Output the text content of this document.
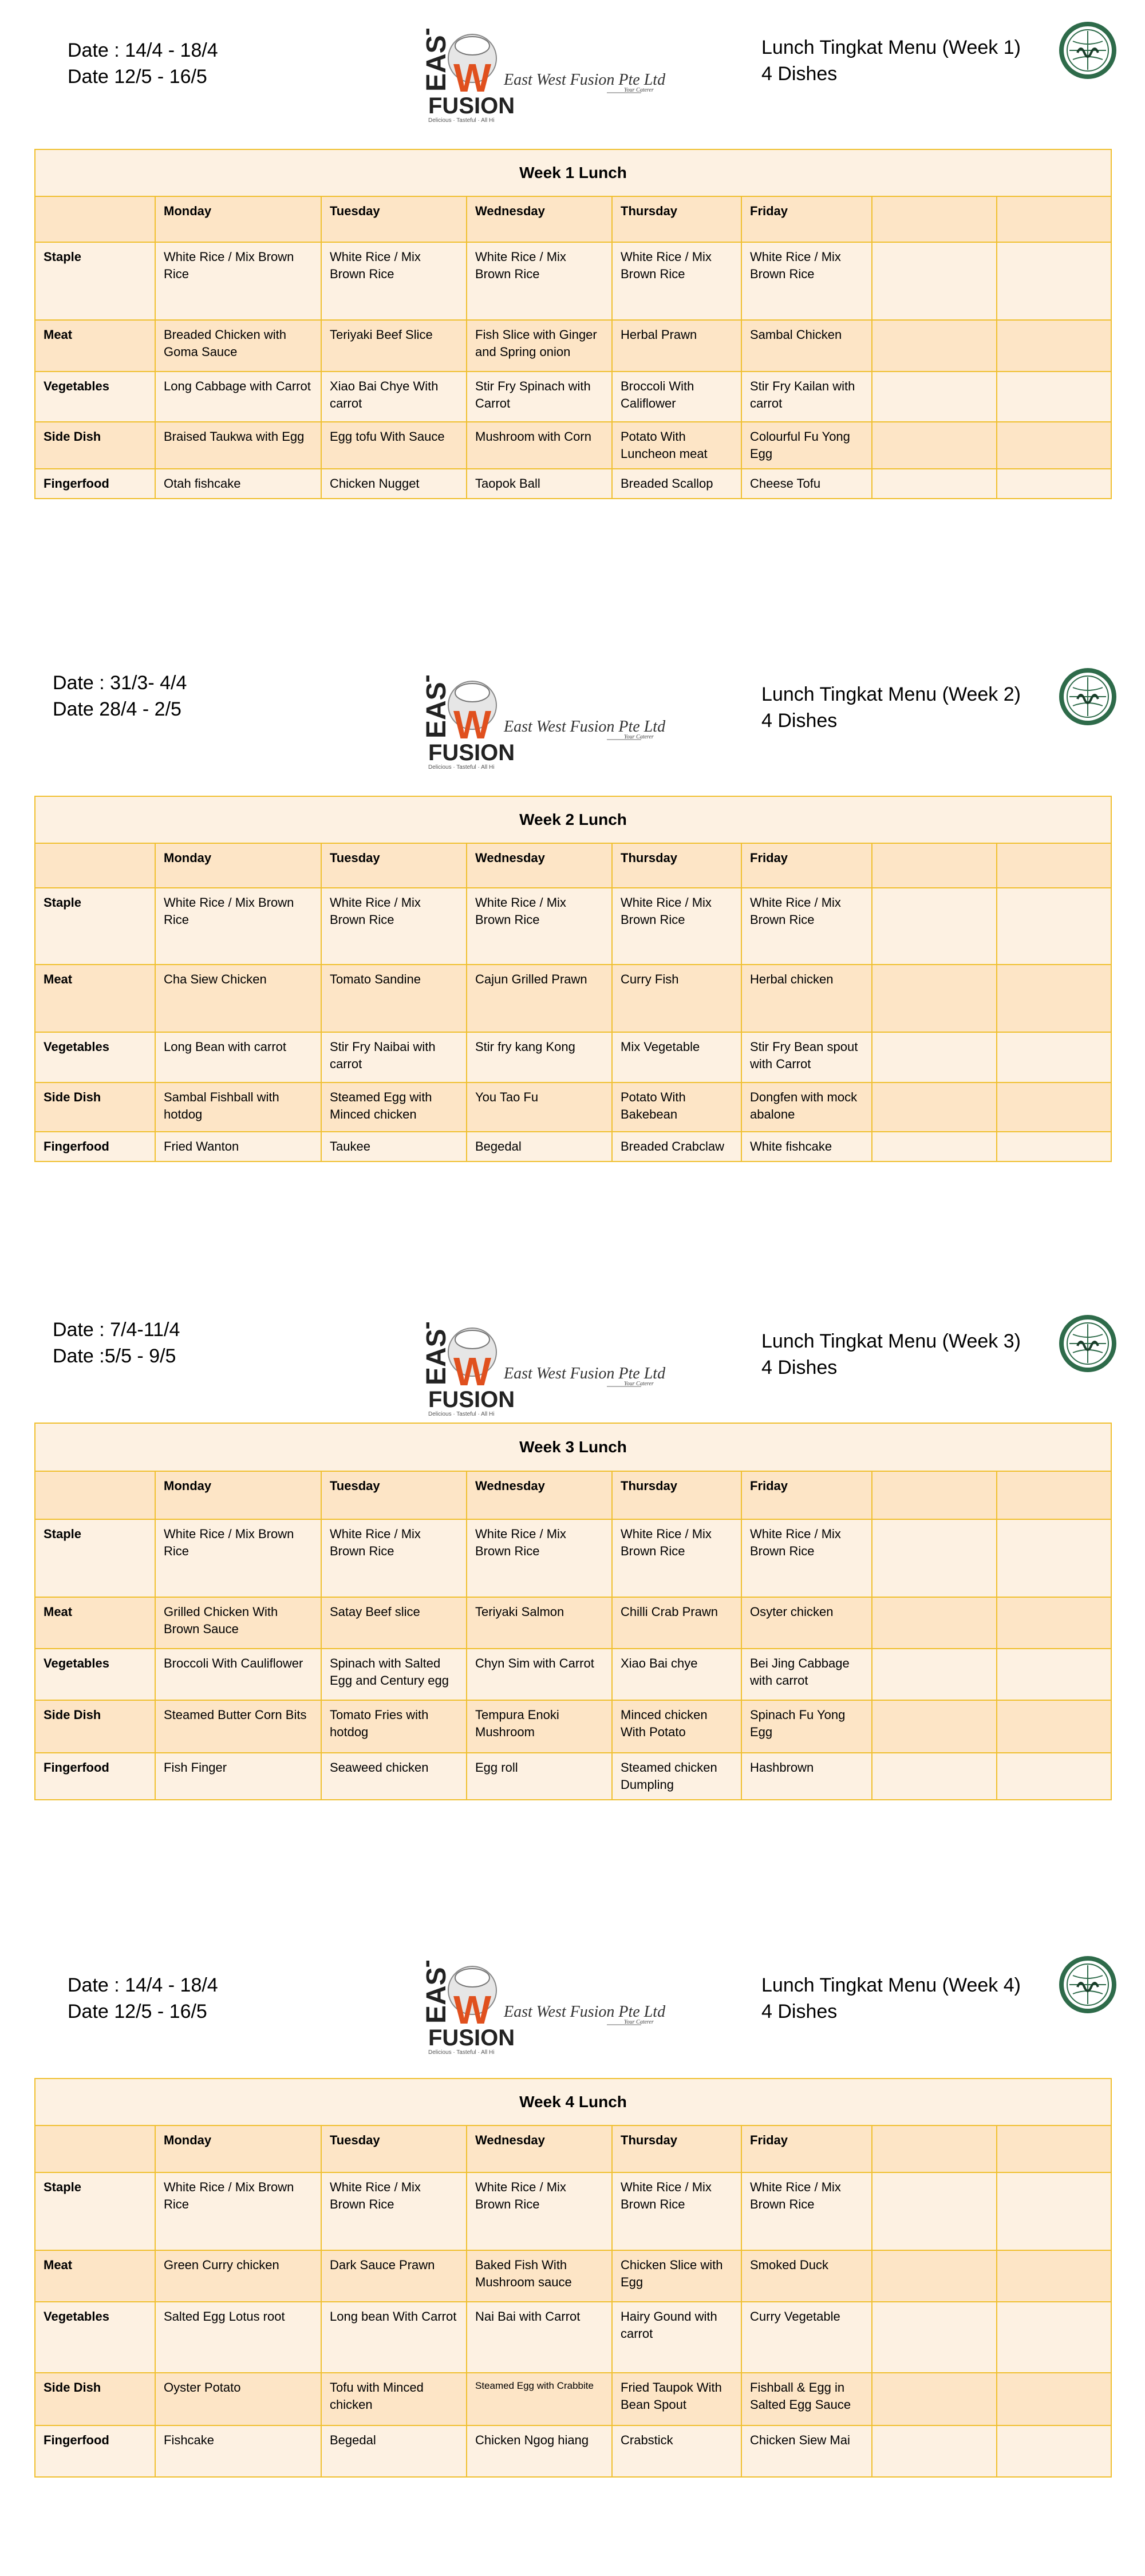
Date : 14/4 - 18/4
Date 12/5 - 16/5	EAST W
FUSION
Delicious · Tasteful · All Hi
East West Fusion Pte Ltd
Your Caterer
Lunch Tingkat Menu (Week 1)
4 Dishes
Week 1 Lunch							
	Monday	Tuesday	Wednesday	Thursday	Friday		
Staple	White Rice / Mix Brown Rice	White Rice / Mix Brown Rice	White Rice / Mix Brown Rice	White Rice / Mix Brown Rice	White Rice / Mix Brown Rice		
Meat	Breaded Chicken with Goma Sauce	Teriyaki Beef Slice	Fish Slice with Ginger and Spring onion	Herbal Prawn	Sambal Chicken		
Vegetables	Long Cabbage with Carrot	Xiao Bai Chye With carrot	Stir Fry Spinach with Carrot	Broccoli With Califlower	Stir Fry Kailan with carrot		
Side Dish	Braised Taukwa with Egg	Egg tofu With Sauce	Mushroom with Corn	Potato With Luncheon meat	Colourful Fu Yong Egg		
Fingerfood	Otah fishcake	Chicken Nugget	Taopok Ball	Breaded Scallop	Cheese Tofu		
Date : 31/3- 4/4
Date 28/4 - 2/5	EAST W
FUSION
Delicious · Tasteful · All Hi
East West Fusion Pte Ltd
Your Caterer
Lunch Tingkat Menu (Week 2)
4 Dishes
Week 2 Lunch							
	Monday	Tuesday	Wednesday	Thursday	Friday		
Staple	White Rice / Mix Brown Rice	White Rice / Mix Brown Rice	White Rice / Mix Brown Rice	White Rice / Mix Brown Rice	White Rice / Mix Brown Rice		
Meat	Cha Siew Chicken	Tomato Sandine	Cajun Grilled Prawn	Curry Fish	Herbal chicken		
Vegetables	Long Bean with carrot	Stir Fry Naibai with carrot	Stir fry kang Kong	Mix Vegetable	Stir Fry Bean spout with Carrot		
Side Dish	Sambal Fishball with hotdog	Steamed Egg with Minced chicken	You Tao Fu	Potato With Bakebean	Dongfen with mock abalone		
Fingerfood	Fried Wanton	Taukee	Begedal	Breaded Crabclaw	White fishcake		
Date : 7/4-11/4
Date :5/5 - 9/5	EAST W
FUSION
Delicious · Tasteful · All Hi
East West Fusion Pte Ltd
Your Caterer
Lunch Tingkat Menu (Week 3)
4 Dishes
Week 3 Lunch							
	Monday	Tuesday	Wednesday	Thursday	Friday		
Staple	White Rice / Mix Brown Rice	White Rice / Mix Brown Rice	White Rice / Mix Brown Rice	White Rice / Mix Brown Rice	White Rice / Mix Brown Rice		
Meat	Grilled Chicken With Brown Sauce	Satay Beef slice	Teriyaki Salmon	Chilli Crab Prawn	Osyter chicken		
Vegetables	Broccoli With Cauliflower	Spinach with Salted Egg and Century egg	Chyn Sim with Carrot	Xiao Bai chye	Bei Jing Cabbage with carrot		
Side Dish	Steamed Butter Corn Bits	Tomato Fries with hotdog	Tempura Enoki Mushroom	Minced chicken With Potato	Spinach Fu Yong Egg		
Fingerfood	Fish Finger	Seaweed chicken	Egg roll	Steamed chicken Dumpling	Hashbrown		
Date : 14/4 - 18/4
Date 12/5 - 16/5	EAST W
FUSION
Delicious · Tasteful · All Hi
East West Fusion Pte Ltd
Your Caterer
Lunch Tingkat Menu (Week 4)
4 Dishes
Week 4 Lunch							
	Monday	Tuesday	Wednesday	Thursday	Friday		
Staple	White Rice / Mix Brown Rice	White Rice / Mix Brown Rice	White Rice / Mix Brown Rice	White Rice / Mix Brown Rice	White Rice / Mix Brown Rice		
Meat	Green Curry chicken	Dark Sauce Prawn	Baked Fish With Mushroom sauce	Chicken Slice with Egg	Smoked Duck		
Vegetables	Salted Egg Lotus root	Long bean With Carrot	Nai Bai with Carrot	Hairy Gound with carrot	Curry Vegetable		
Side Dish	Oyster Potato	Tofu with Minced chicken	Steamed Egg with Crabbite	Fried Taupok With Bean Spout	Fishball & Egg in Salted Egg Sauce		
Fingerfood	Fishcake	Begedal	Chicken Ngog hiang	Crabstick	Chicken Siew Mai		
